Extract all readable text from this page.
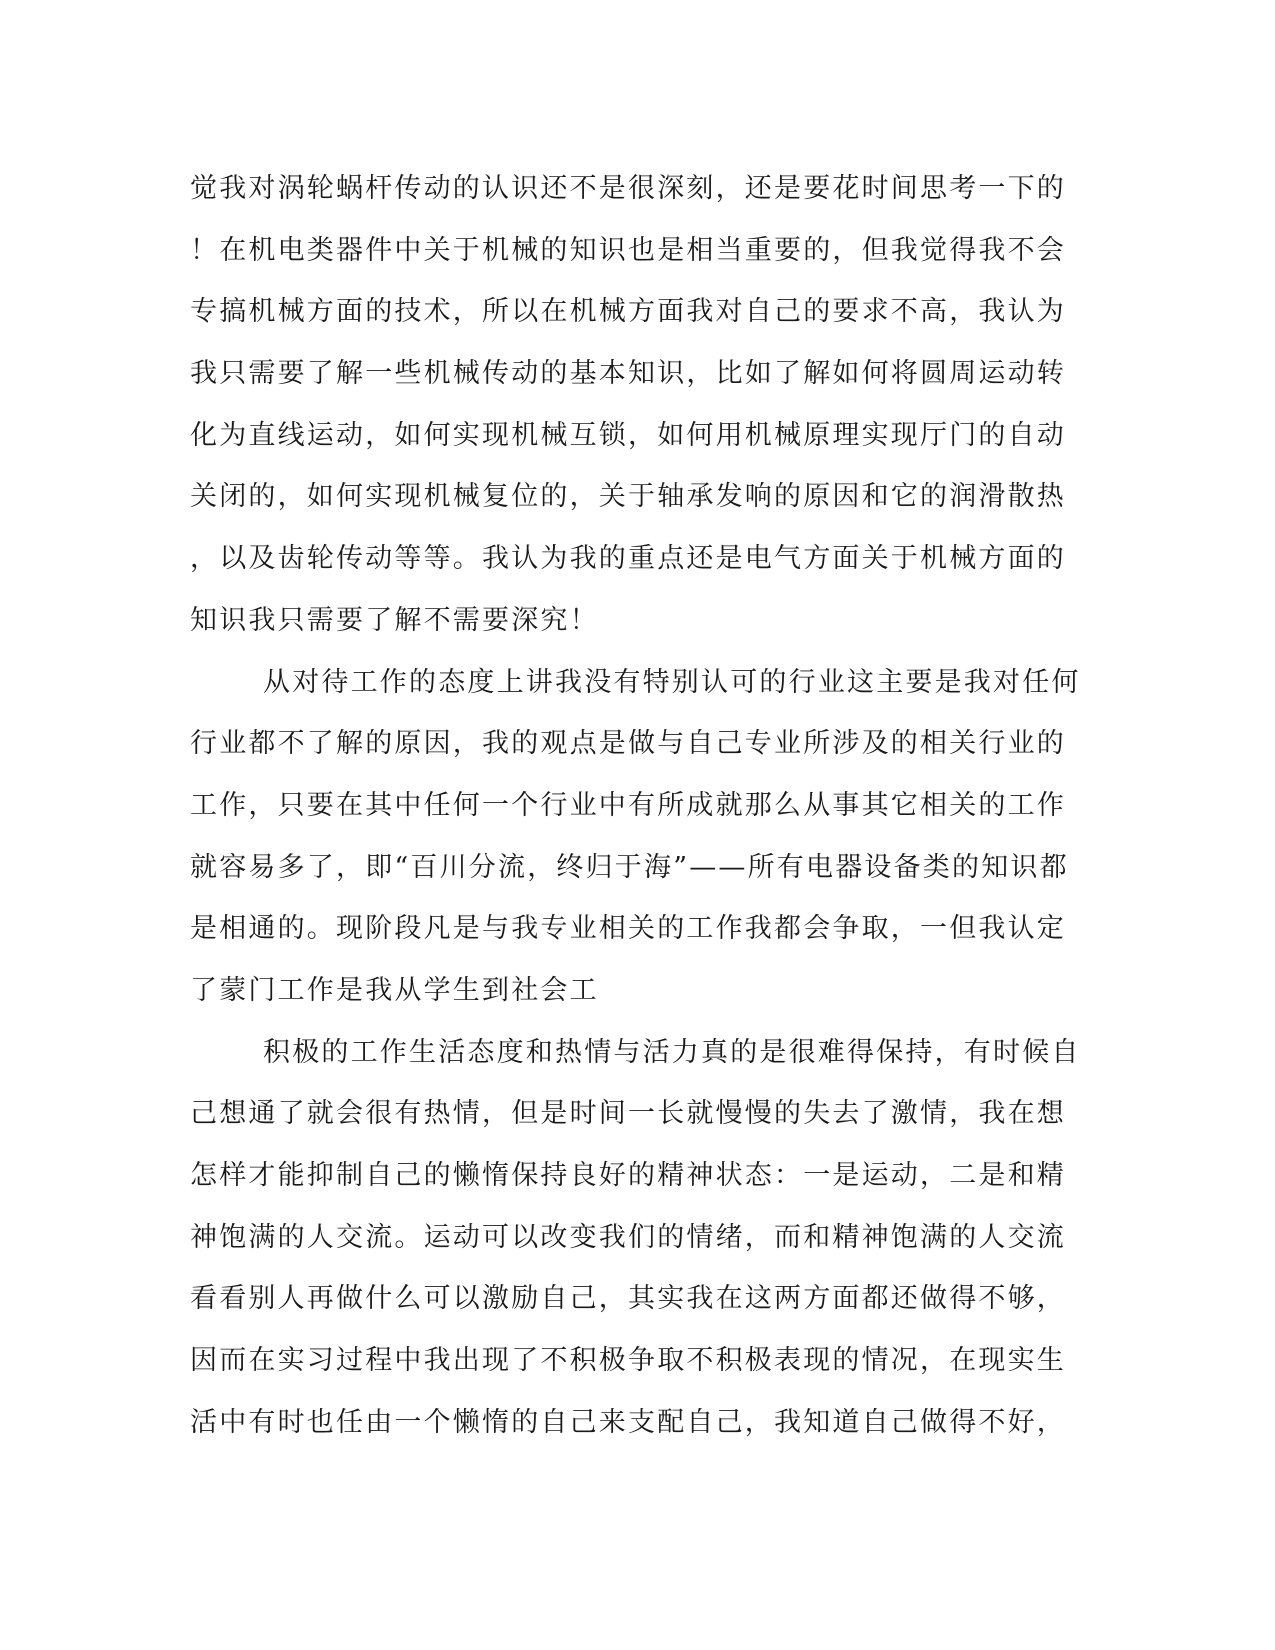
觉我对涡轮蜗杆传动的认识还不是很深刻，还是要花时间思考一下的
！在机电类器件中关于机械的知识也是相当重要的，但我觉得我不会
专搞机械方面的技术，所以在机械方面我对自己的要求不高，我认为
我只需要了解一些机械传动的基本知识，比如了解如何将圆周运动转
化为直线运动，如何实现机械互锁，如何用机械原理实现厅门的自动
关闭的，如何实现机械复位的，关于轴承发响的原因和它的润滑散热
，以及齿轮传动等等。我认为我的重点还是电气方面关于机械方面的
知识我只需要了解不需要深究！
从对待工作的态度上讲我没有特别认可的行业这主要是我对任何
行业都不了解的原因，我的观点是做与自己专业所涉及的相关行业的
工作，只要在其中任何一个行业中有所成就那么从事其它相关的工作
就容易多了，即“百川分流，终归于海”——所有电器设备类的知识都
是相通的。现阶段凡是与我专业相关的工作我都会争取，一但我认定
了蒙门工作是我从学生到社会工
积极的工作生活态度和热情与活力真的是很难得保持，有时候自
己想通了就会很有热情，但是时间一长就慢慢的失去了激情，我在想
怎样才能抑制自己的懒惰保持良好的精神状态：一是运动，二是和精
神饱满的人交流。运动可以改变我们的情绪，而和精神饱满的人交流
看看别人再做什么可以激励自己，其实我在这两方面都还做得不够，
因而在实习过程中我出现了不积极争取不积极表现的情况，在现实生
活中有时也任由一个懒惰的自己来支配自己，我知道自己做得不好，
